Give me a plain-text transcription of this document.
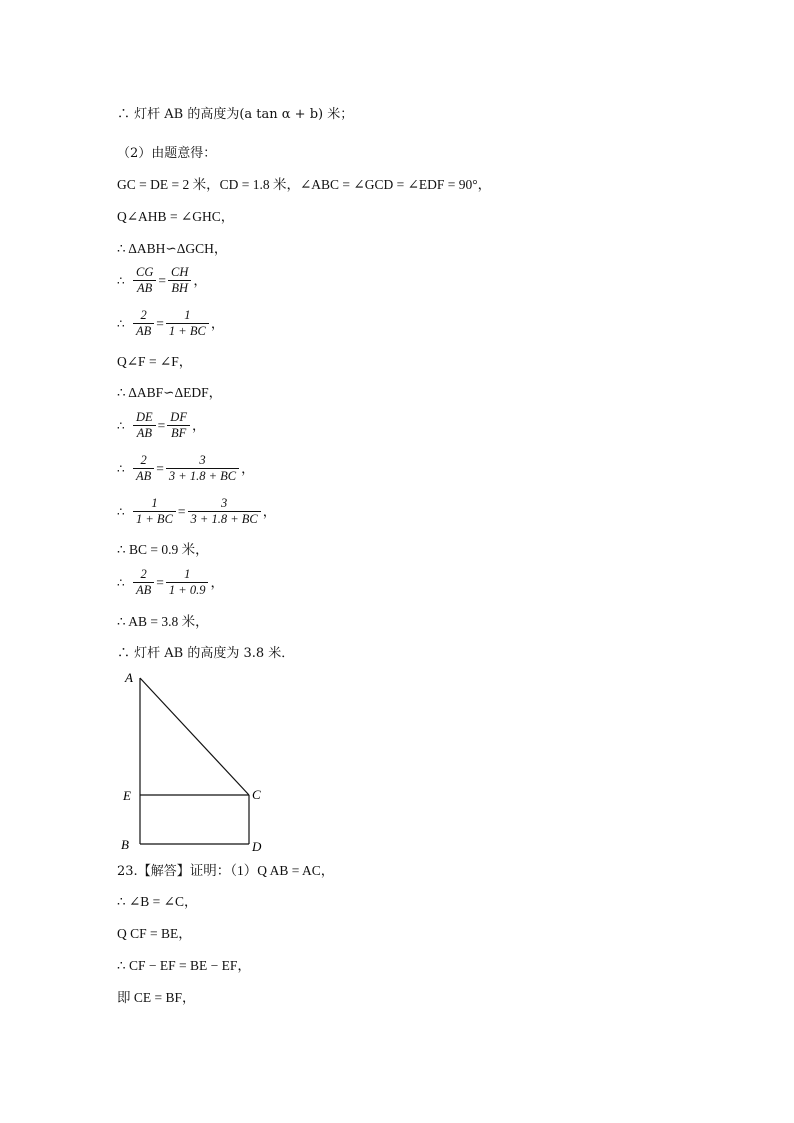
∴ 灯杆 AB 的高度为(a tan α + b) 米；
（2）由题意得：
GC = DE = 2 米，CD = 1.8 米，∠ABC = ∠GCD = ∠EDF = 90°，
Q∠AHB = ∠GHC，
∴ ΔABH∽ΔGCH，
∴ $\frac{CG}{AB} = \frac{CH}{BH}$ ，
∴ $\frac{2}{AB} = \frac{1}{1 + BC}$ ，
Q∠F = ∠F，
∴ ΔABF∽ΔEDF，
∴ $\frac{DE}{AB} = \frac{DF}{BF}$ ，
∴ $\frac{2}{AB} = \frac{3}{3 + 1.8 + BC}$ ，
∴ $\frac{1}{1 + BC} = \frac{3}{3 + 1.8 + BC}$ ，
∴ BC = 0.9 米，
∴ $\frac{2}{AB} = \frac{1}{1 + 0.9}$ ，
∴ AB = 3.8 米，
∴ 灯杆 AB 的高度为 3.8 米．
A
E	C
B	D
23.【解答】证明：（1）Q AB = AC，
∴ ∠B = ∠C，
Q CF = BE，
∴ CF − EF = BE − EF，
即 CE = BF，
